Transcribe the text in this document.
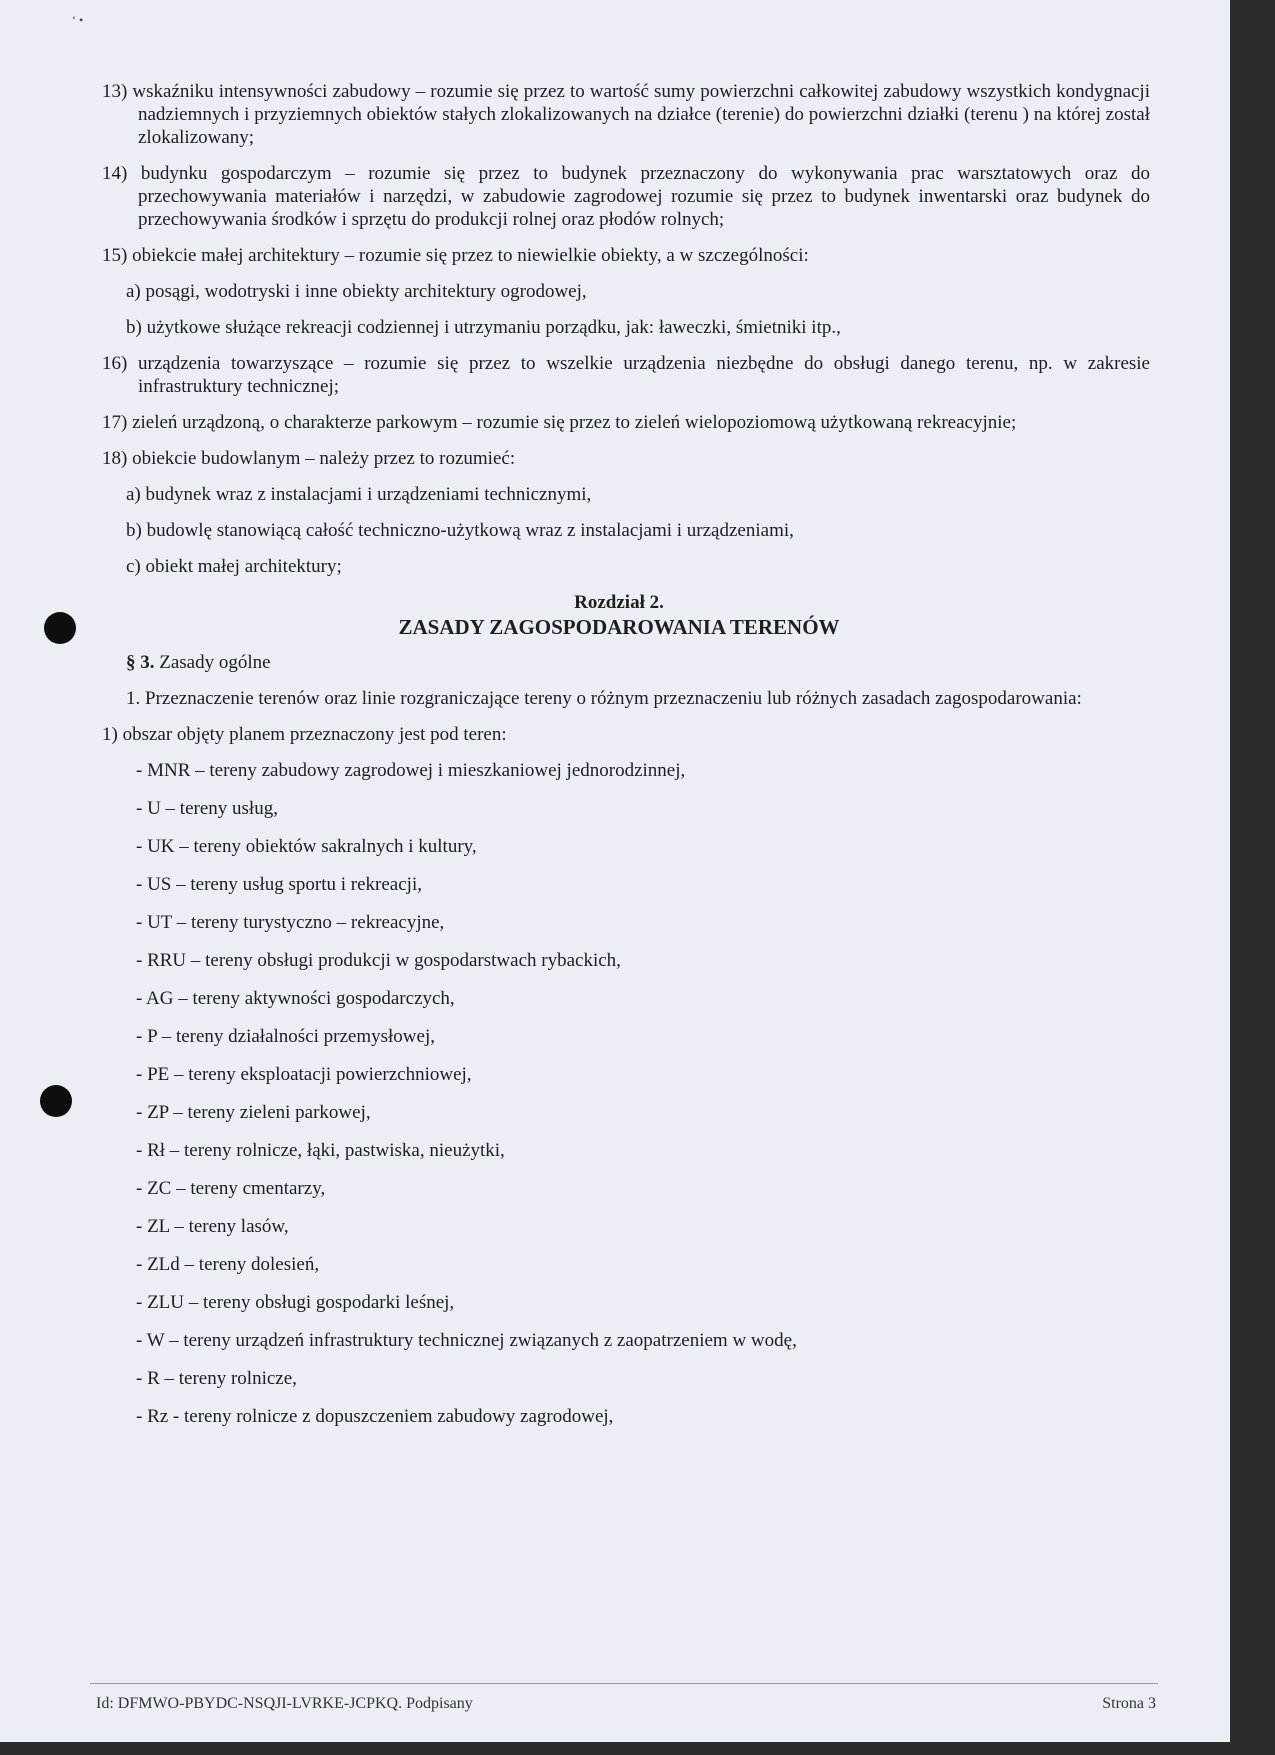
‘ •

13) wskaźniku intensywności zabudowy – rozumie się przez to wartość sumy powierzchni całkowitej zabudowy wszystkich kondygnacji nadziemnych i przyziemnych obiektów stałych zlokalizowanych na działce (terenie) do powierzchni działki (terenu ) na której został zlokalizowany;

14) budynku gospodarczym – rozumie się przez to budynek przeznaczony do wykonywania prac warsztatowych oraz do przechowywania materiałów i narzędzi, w zabudowie zagrodowej rozumie się przez to budynek inwentarski oraz budynek do przechowywania środków i sprzętu do produkcji rolnej oraz płodów rolnych;

15) obiekcie małej architektury – rozumie się przez to niewielkie obiekty, a w szczególności:

a) posągi, wodotryski i inne obiekty architektury ogrodowej,

b) użytkowe służące rekreacji codziennej i utrzymaniu porządku, jak: ławeczki, śmietniki itp.,

16) urządzenia towarzyszące – rozumie się przez to wszelkie urządzenia niezbędne do obsługi danego terenu, np. w zakresie infrastruktury technicznej;

17) zieleń urządzoną, o charakterze parkowym – rozumie się przez to zieleń wielopoziomową użytkowaną rekreacyjnie;

18) obiekcie budowlanym – należy przez to rozumieć:

a) budynek wraz z instalacjami i urządzeniami technicznymi,

b) budowlę stanowiącą całość techniczno-użytkową wraz z instalacjami i urządzeniami,

c) obiekt małej architektury;

Rozdział 2.

ZASADY ZAGOSPODAROWANIA TERENÓW

§ 3. Zasady ogólne

1. Przeznaczenie terenów oraz linie rozgraniczające tereny o różnym przeznaczeniu lub różnych zasadach zagospodarowania:

1) obszar objęty planem przeznaczony jest pod teren:

- MNR – tereny zabudowy zagrodowej i mieszkaniowej jednorodzinnej,
- U – tereny usług,
- UK – tereny obiektów sakralnych i kultury,
- US – tereny usług sportu i rekreacji,
- UT – tereny turystyczno – rekreacyjne,
- RRU – tereny obsługi produkcji w gospodarstwach rybackich,
- AG – tereny aktywności gospodarczych,
- P – tereny działalności przemysłowej,
- PE – tereny eksploatacji powierzchniowej,
- ZP – tereny zieleni parkowej,
- Rł – tereny rolnicze, łąki, pastwiska, nieużytki,
- ZC – tereny cmentarzy,
- ZL – tereny lasów,
- ZLd – tereny dolesień,
- ZLU – tereny obsługi gospodarki leśnej,
- W – tereny urządzeń infrastruktury technicznej związanych z zaopatrzeniem w wodę,
- R – tereny rolnicze,
- Rz - tereny rolnicze z dopuszczeniem zabudowy zagrodowej,
Id: DFMWO-PBYDC-NSQJI-LVRKE-JCPKQ. Podpisany	Strona 3
